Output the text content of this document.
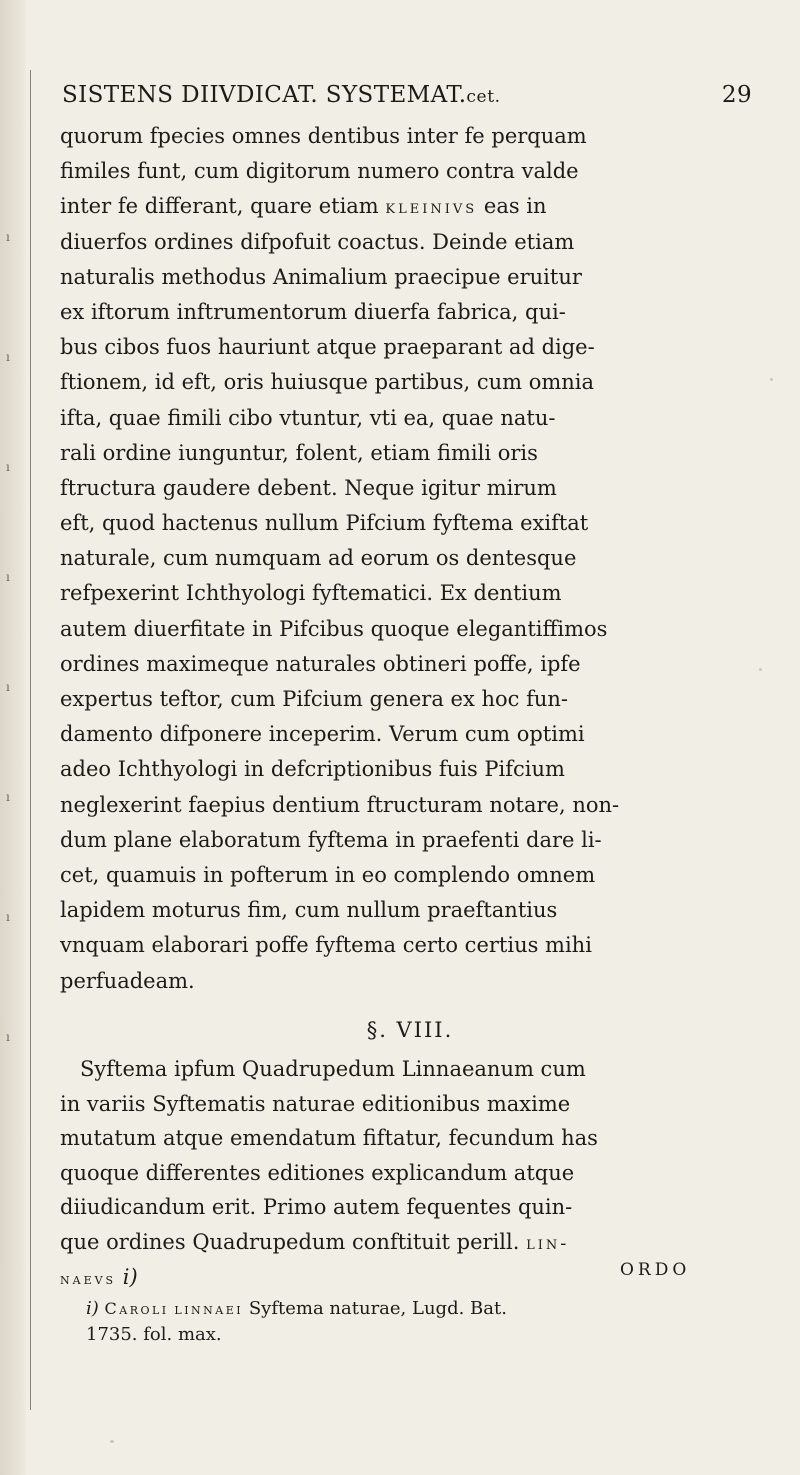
ı
ı
ı
ı
ı
ı
ı
ı
SISTENS DIIVDICAT. SYSTEMAT.cet.	29
quorum fpecies omnes dentibus inter fe perquam
fimiles funt, cum digitorum numero contra valde
inter fe differant, quare etiam kleinivs eas in
diuerfos ordines difpofuit coactus. Deinde etiam
naturalis methodus Animalium praecipue eruitur
ex iftorum inftrumentorum diuerfa fabrica, qui-
bus cibos fuos hauriunt atque praeparant ad dige-
ftionem, id eft, oris huiusque partibus, cum omnia
ifta, quae fimili cibo vtuntur, vti ea, quae natu-
rali ordine iunguntur, folent, etiam fimili oris
ftructura gaudere debent. Neque igitur mirum
eft, quod hactenus nullum Pifcium fyftema exiftat
naturale, cum numquam ad eorum os dentesque
refpexerint Ichthyologi fyftematici. Ex dentium
autem diuerfitate in Pifcibus quoque elegantiffimos
ordines maximeque naturales obtineri poffe, ipfe
expertus teftor, cum Pifcium genera ex hoc fun-
damento difponere inceperim. Verum cum optimi
adeo Ichthyologi in defcriptionibus fuis Pifcium
neglexerint faepius dentium ftructuram notare, non-
dum plane elaboratum fyftema in praefenti dare li-
cet, quamuis in pofterum in eo complendo omnem
lapidem moturus fim, cum nullum praeftantius
vnquam elaborari poffe fyftema certo certius mihi
perfuadeam.
§. VIII.
Syftema ipfum Quadrupedum Linnaeanum cum
in variis Syftematis naturae editionibus maxime
mutatum atque emendatum fiftatur, fecundum has
quoque differentes editiones explicandum atque
diiudicandum erit. Primo autem fequentes quin-
que ordines Quadrupedum conftituit perill. lin-
naevs i)	ORDO
i) Caroli linnaei Syftema naturae, Lugd. Bat.
1735. fol. max.
